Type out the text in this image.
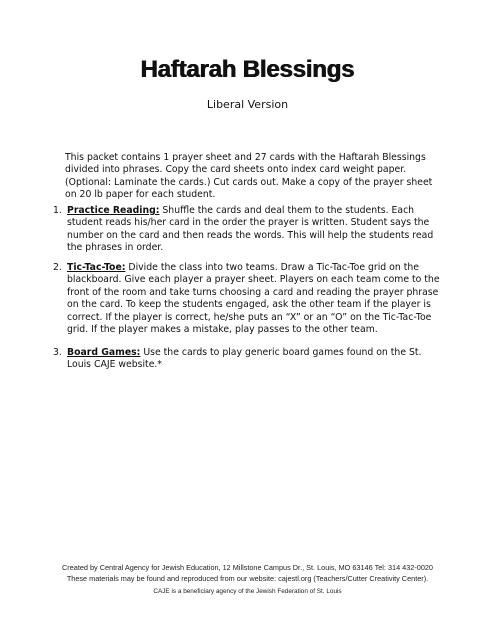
Haftarah Blessings
Liberal Version
This packet contains 1 prayer sheet and 27 cards with the Haftarah Blessings divided into phrases. Copy the card sheets onto index card weight paper. (Optional: Laminate the cards.) Cut cards out. Make a copy of the prayer sheet on 20 lb paper for each student.
1. Practice Reading: Shuffle the cards and deal them to the students. Each student reads his/her card in the order the prayer is written. Student says the number on the card and then reads the words. This will help the students read the phrases in order.
2. Tic-Tac-Toe: Divide the class into two teams. Draw a Tic-Tac-Toe grid on the blackboard. Give each player a prayer sheet. Players on each team come to the front of the room and take turns choosing a card and reading the prayer phrase on the card. To keep the students engaged, ask the other team if the player is correct. If the player is correct, he/she puts an “X” or an “O” on the Tic-Tac-Toe grid. If the player makes a mistake, play passes to the other team.
3. Board Games: Use the cards to play generic board games found on the St. Louis CAJE website.*
Created by Central Agency for Jewish Education, 12 Millstone Campus Dr., St. Louis, MO 63146 Tel: 314 432-0020
These materials may be found and reproduced from our website: cajestl.org (Teachers/Cutter Creativity Center).
CAJE is a beneficiary agency of the Jewish Federation of St. Louis
